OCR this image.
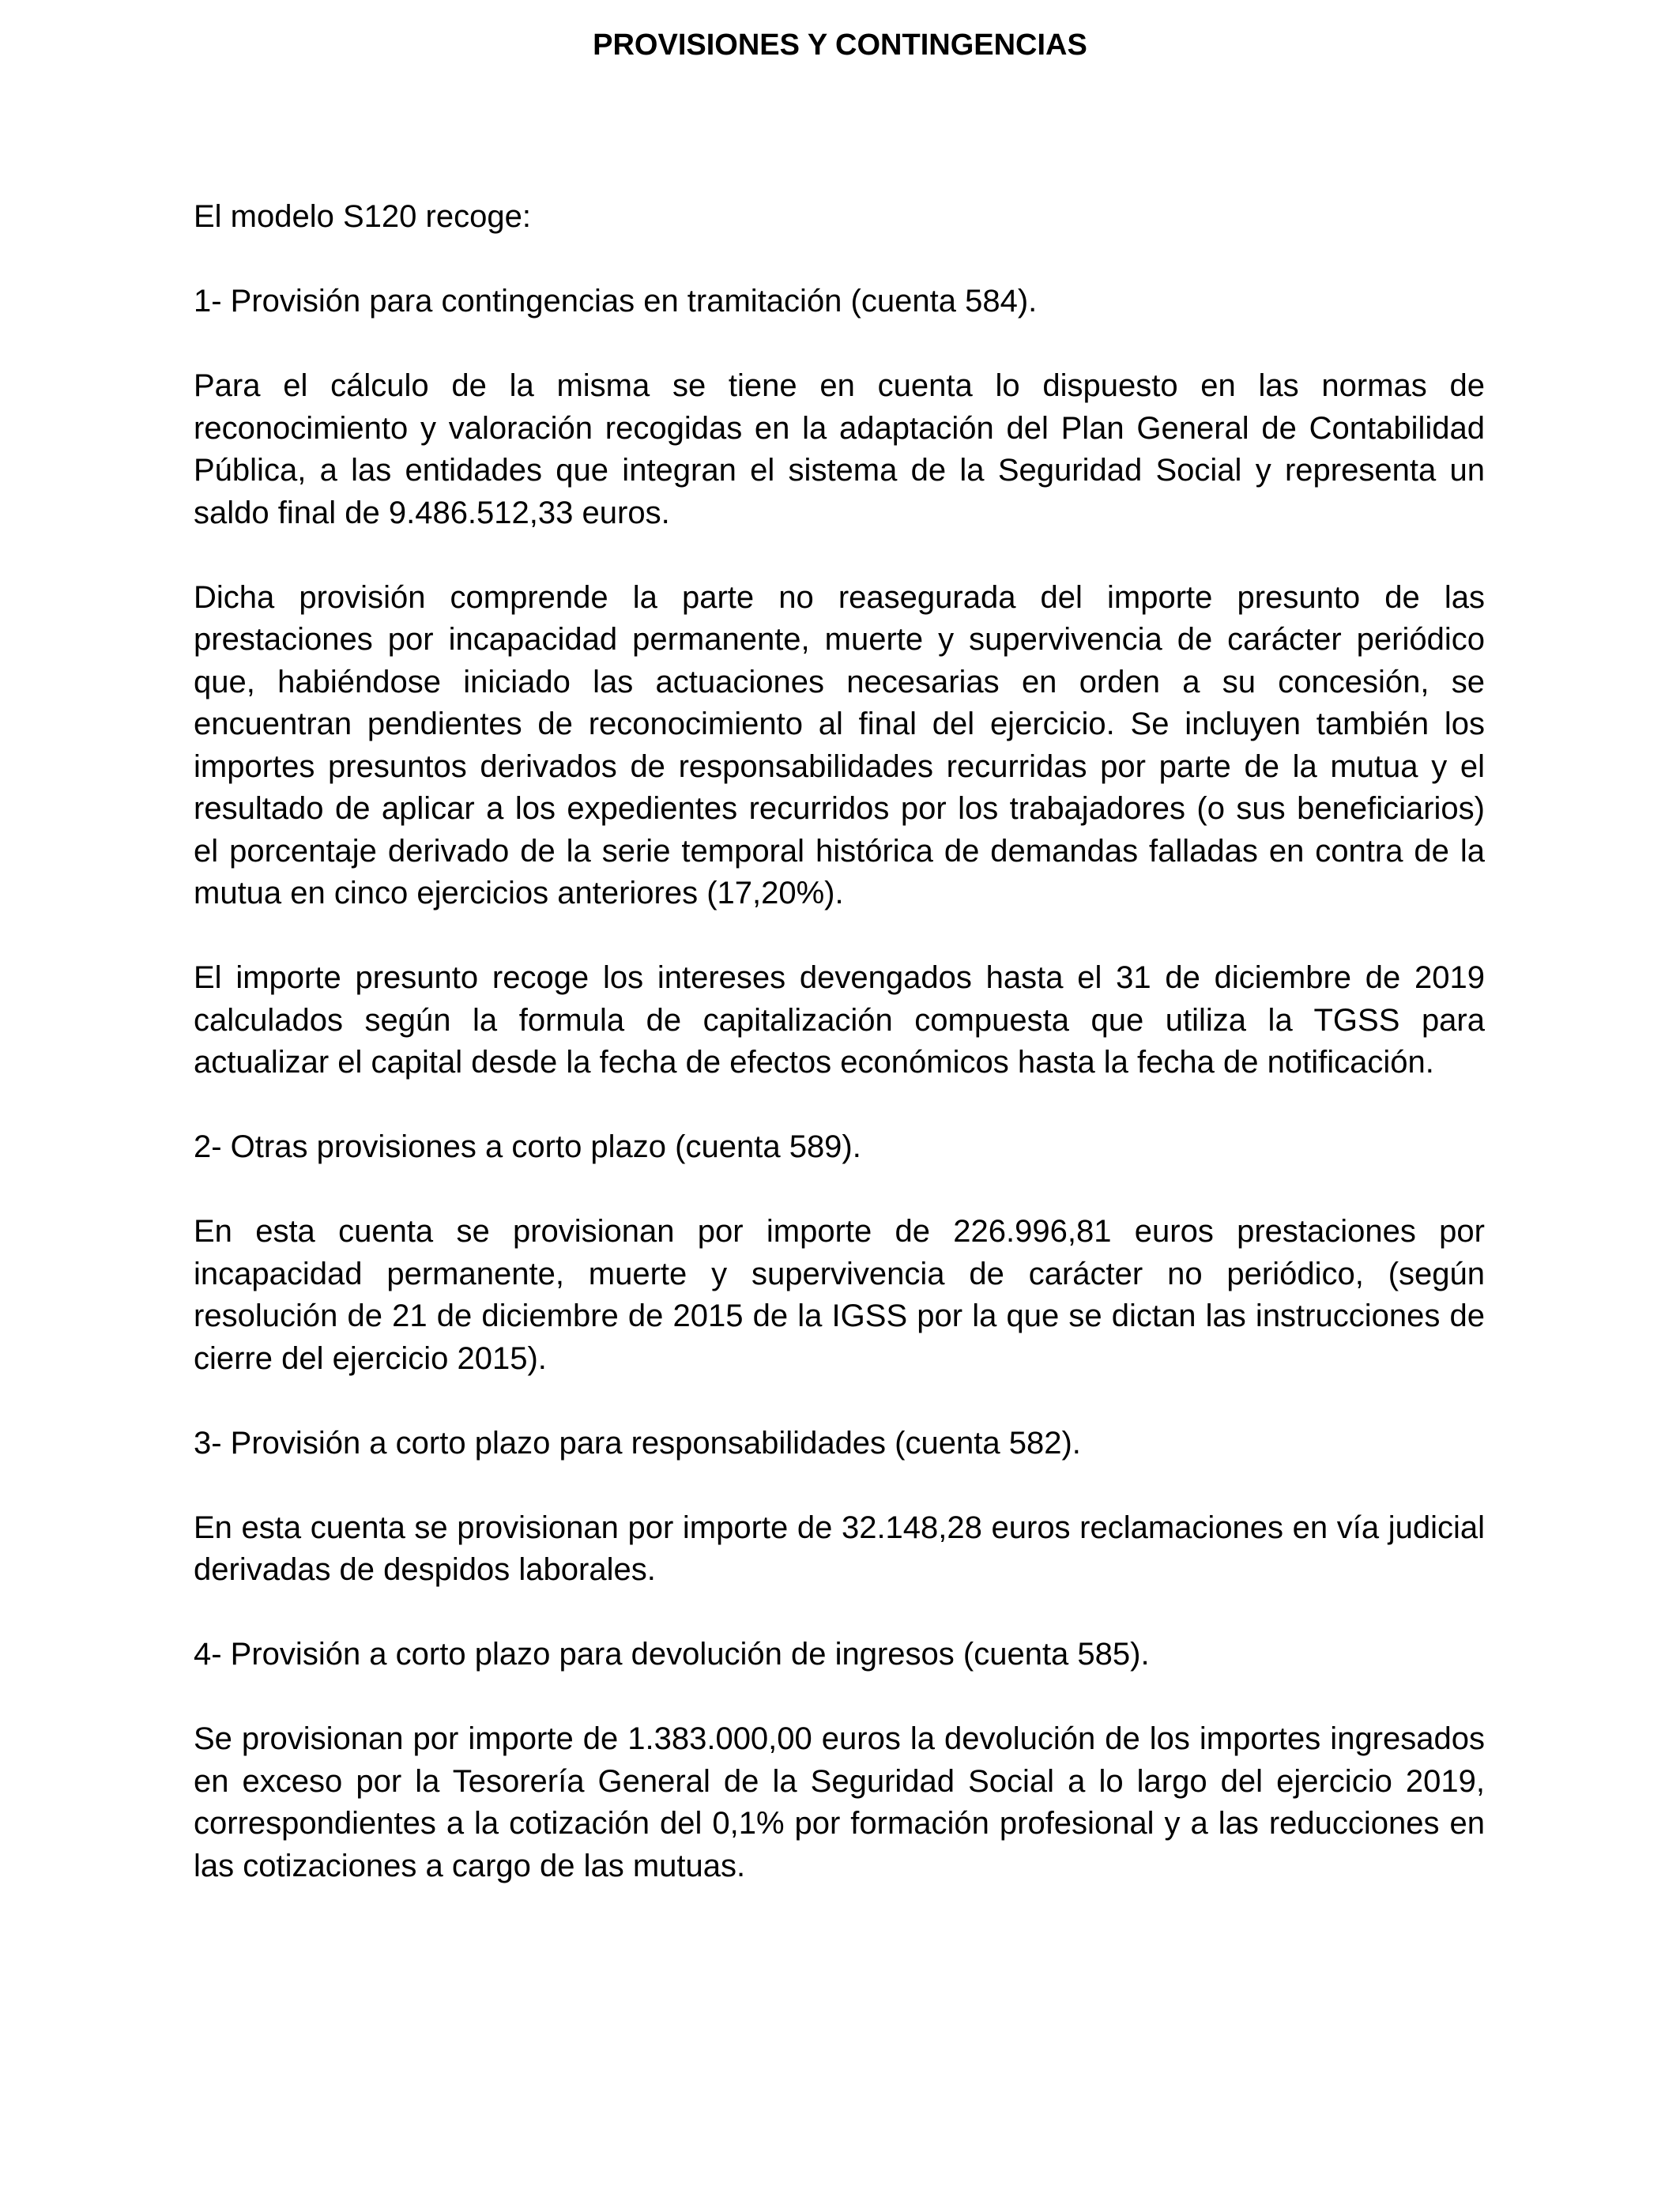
PROVISIONES Y CONTINGENCIAS

El modelo S120 recoge:

1- Provisión para contingencias en tramitación (cuenta 584).

Para el cálculo de la misma se tiene en cuenta lo dispuesto en las normas de reconocimiento y valoración recogidas en la adaptación del Plan General de Contabilidad Pública, a las entidades que integran el sistema de la Seguridad Social y representa un saldo final de 9.486.512,33 euros.

Dicha provisión comprende la parte no reasegurada del importe presunto de las prestaciones por incapacidad permanente, muerte y supervivencia de carácter periódico que, habiéndose iniciado las actuaciones necesarias en orden a su concesión, se encuentran pendientes de reconocimiento al final del ejercicio. Se incluyen también los importes presuntos derivados de responsabilidades recurridas por parte de la mutua y el resultado de aplicar a los expedientes recurridos por los trabajadores (o sus beneficiarios) el porcentaje derivado de la serie temporal histórica de demandas falladas en contra de la mutua en cinco ejercicios anteriores (17,20%).

El importe presunto recoge los intereses devengados hasta el 31 de diciembre de 2019 calculados según la formula de capitalización compuesta que utiliza la TGSS para actualizar el capital desde la fecha de efectos económicos hasta la fecha de notificación.

2- Otras provisiones a corto plazo (cuenta 589).

En esta cuenta se provisionan por importe de 226.996,81 euros prestaciones por incapacidad permanente, muerte y supervivencia de carácter no periódico, (según resolución de 21 de diciembre de 2015 de la IGSS por la que se dictan las instrucciones de cierre del ejercicio 2015).

3- Provisión a corto plazo para responsabilidades (cuenta 582).

En esta cuenta se provisionan por importe de 32.148,28 euros reclamaciones en vía judicial derivadas de despidos laborales.

4- Provisión a corto plazo para devolución de ingresos (cuenta 585).

Se provisionan por importe de 1.383.000,00 euros la devolución de los importes ingresados en exceso por la Tesorería General de la Seguridad Social a lo largo del ejercicio 2019, correspondientes a la cotización del 0,1% por formación profesional y a las reducciones en las cotizaciones a cargo de las mutuas.
